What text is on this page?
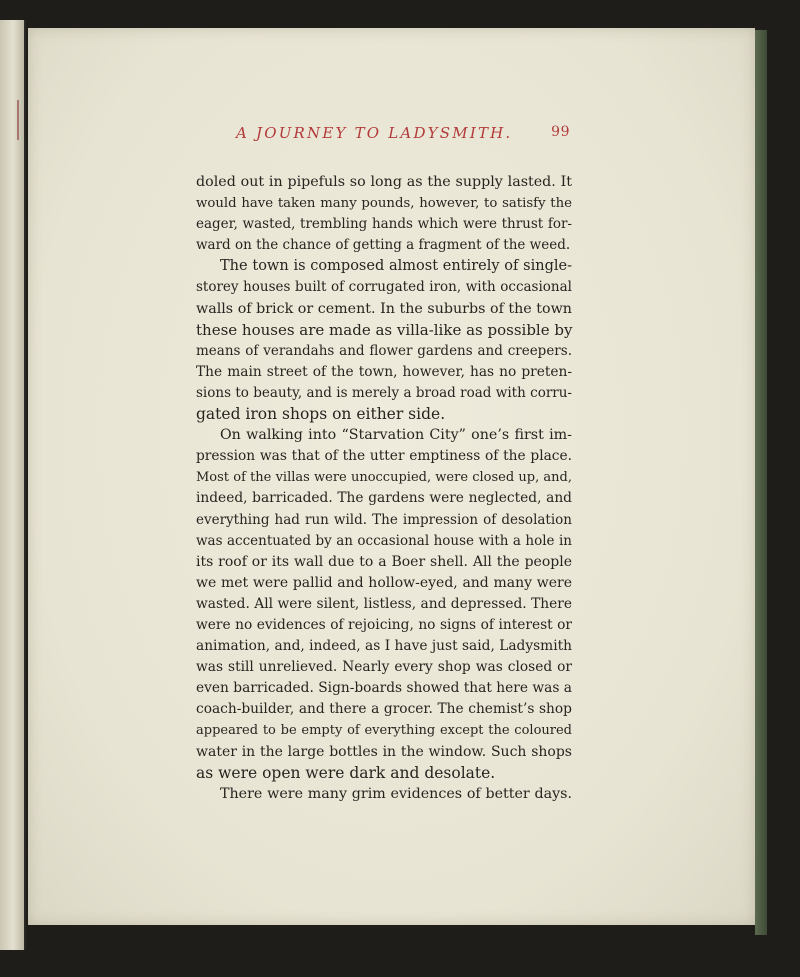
A JOURNEY TO LADYSMITH.	99
doled out in pipefuls so long as the supply lasted. It
would have taken many pounds, however, to satisfy the
eager, wasted, trembling hands which were thrust for-
ward on the chance of getting a fragment of the weed.
The town is composed almost entirely of single-
storey houses built of corrugated iron, with occasional
walls of brick or cement. In the suburbs of the town
these houses are made as villa-like as possible by
means of verandahs and flower gardens and creepers.
The main street of the town, however, has no preten-
sions to beauty, and is merely a broad road with corru-
gated iron shops on either side.
On walking into “Starvation City” one’s first im-
pression was that of the utter emptiness of the place.
Most of the villas were unoccupied, were closed up, and,
indeed, barricaded. The gardens were neglected, and
everything had run wild. The impression of desolation
was accentuated by an occasional house with a hole in
its roof or its wall due to a Boer shell. All the people
we met were pallid and hollow-eyed, and many were
wasted. All were silent, listless, and depressed. There
were no evidences of rejoicing, no signs of interest or
animation, and, indeed, as I have just said, Ladysmith
was still unrelieved. Nearly every shop was closed or
even barricaded. Sign-boards showed that here was a
coach-builder, and there a grocer. The chemist’s shop
appeared to be empty of everything except the coloured
water in the large bottles in the window. Such shops
as were open were dark and desolate.
There were many grim evidences of better days.
